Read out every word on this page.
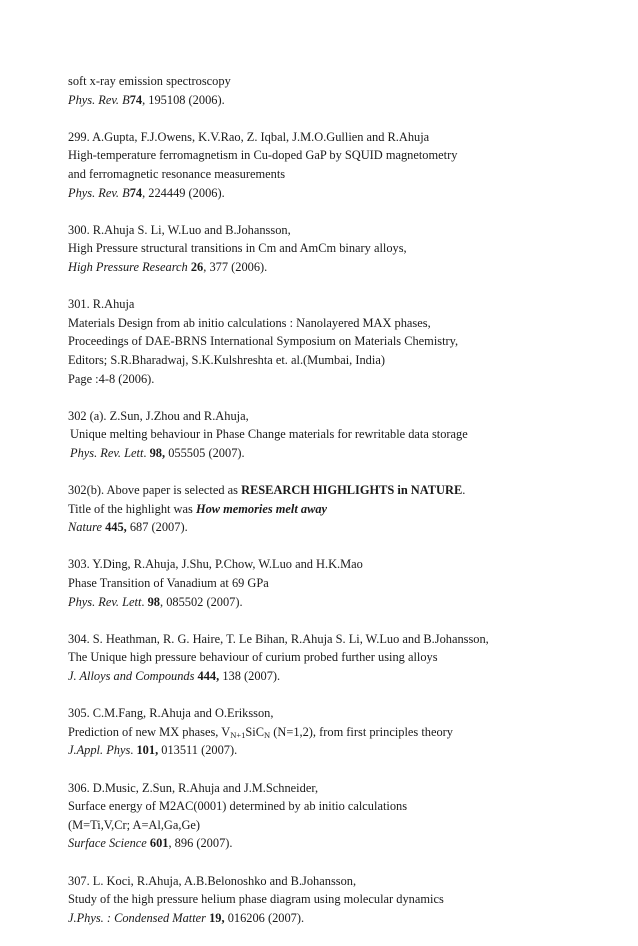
soft x-ray emission spectroscopy
Phys. Rev. B74, 195108 (2006).
299. A.Gupta, F.J.Owens, K.V.Rao, Z. Iqbal, J.M.O.Gullien and R.Ahuja
High-temperature ferromagnetism in Cu-doped GaP by SQUID magnetometry
and ferromagnetic resonance measurements
Phys. Rev. B74, 224449 (2006).
300. R.Ahuja S. Li, W.Luo and B.Johansson,
High Pressure structural transitions in Cm and AmCm binary alloys,
High Pressure Research 26, 377 (2006).
301. R.Ahuja
Materials Design from ab initio calculations : Nanolayered MAX phases,
Proceedings of DAE-BRNS International Symposium on Materials Chemistry,
Editors; S.R.Bharadwaj, S.K.Kulshreshta et. al.(Mumbai, India)
Page :4-8 (2006).
302 (a). Z.Sun, J.Zhou and R.Ahuja,
Unique melting behaviour in Phase Change materials for rewritable data storage
Phys. Rev. Lett. 98, 055505 (2007).
302(b). Above paper is selected as RESEARCH HIGHLIGHTS in NATURE.
Title of the highlight was How memories melt away
Nature 445, 687 (2007).
303. Y.Ding, R.Ahuja, J.Shu, P.Chow, W.Luo and H.K.Mao
Phase Transition of Vanadium at 69 GPa
Phys. Rev. Lett. 98, 085502 (2007).
304. S. Heathman, R. G. Haire, T. Le Bihan, R.Ahuja S. Li, W.Luo and B.Johansson,
The Unique high pressure behaviour of curium probed further using alloys
J. Alloys and Compounds 444, 138 (2007).
305. C.M.Fang, R.Ahuja and O.Eriksson,
Prediction of new MX phases, $V_{N+1}SiC_N$ (N=1,2), from first principles theory
J.Appl. Phys. 101, 013511 (2007).
306. D.Music, Z.Sun, R.Ahuja and J.M.Schneider,
Surface energy of M2AC(0001) determined by ab initio calculations
(M=Ti,V,Cr; A=Al,Ga,Ge)
Surface Science 601, 896 (2007).
307. L. Koci, R.Ahuja, A.B.Belonoshko and B.Johansson,
Study of the high pressure helium phase diagram using molecular dynamics
J.Phys. : Condensed Matter 19, 016206 (2007).
